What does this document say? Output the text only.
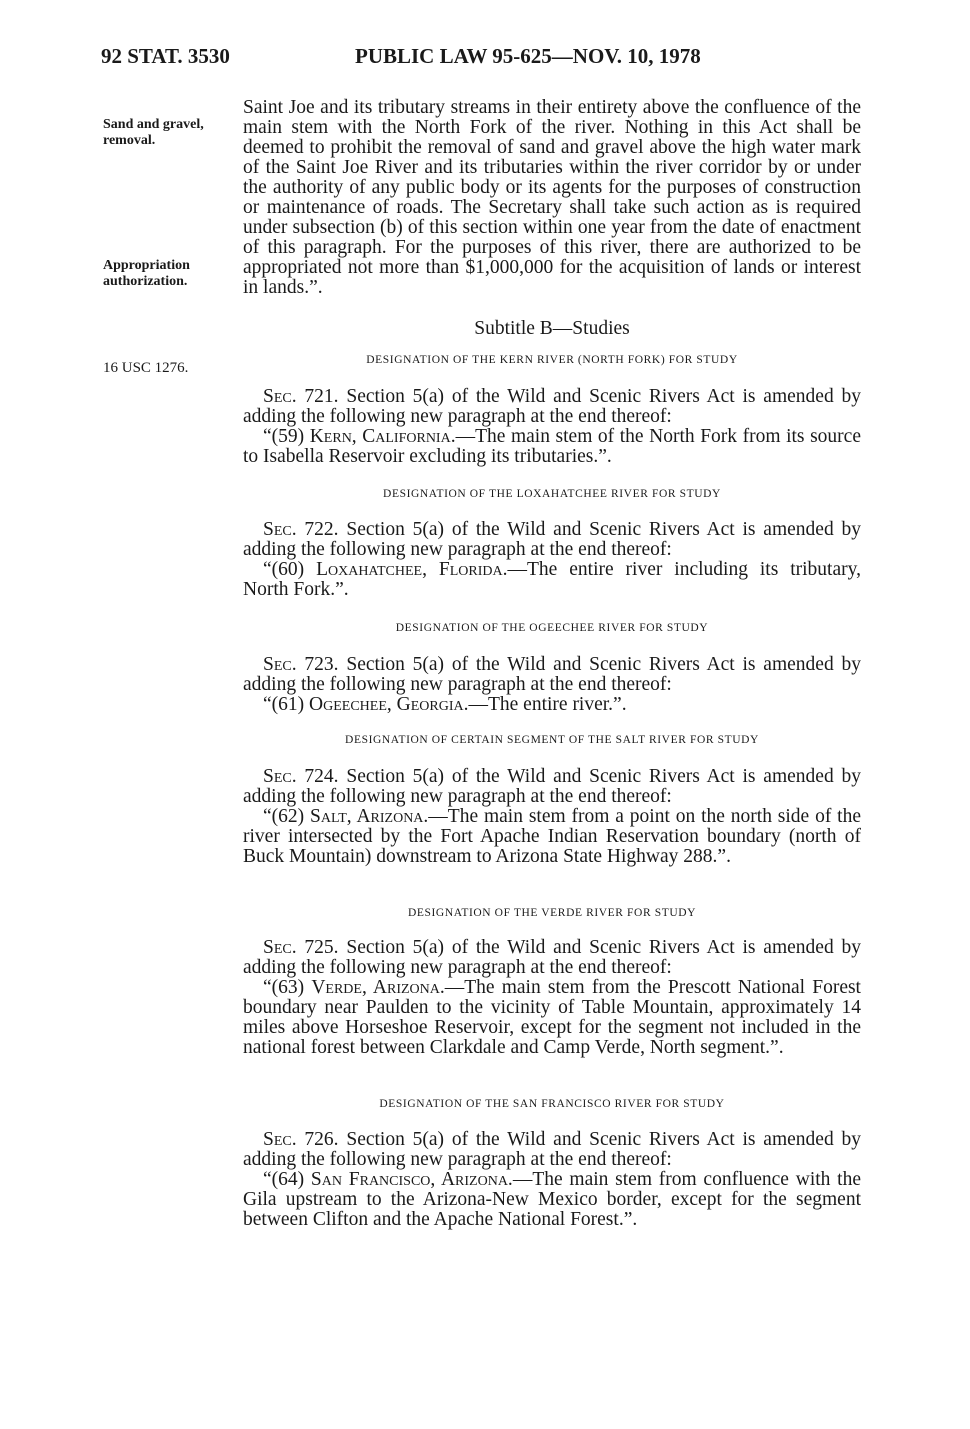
92 STAT. 3530	PUBLIC LAW 95-625—NOV. 10, 1978
Sand and gravel, removal.
Appropriation authorization.
16 USC 1276.

Saint Joe and its tributary streams in their entirety above the confluence of the main stem with the North Fork of the river. Nothing in this Act shall be deemed to prohibit the removal of sand and gravel above the high water mark of the Saint Joe River and its tributaries within the river corridor by or under the authority of any public body or its agents for the purposes of construction or maintenance of roads. The Secretary shall take such action as is required under subsection (b) of this section within one year from the date of enactment of this paragraph. For the purposes of this river, there are authorized to be appropriated not more than $1,000,000 for the acquisition of lands or interest in lands.”.

Subtitle B—Studies
DESIGNATION OF THE KERN RIVER (NORTH FORK) FOR STUDY

Sec. 721. Section 5(a) of the Wild and Scenic Rivers Act is amended by adding the following new paragraph at the end thereof:

“(59) Kern, California.—The main stem of the North Fork from its source to Isabella Reservoir excluding its tributaries.”.

DESIGNATION OF THE LOXAHATCHEE RIVER FOR STUDY

Sec. 722. Section 5(a) of the Wild and Scenic Rivers Act is amended by adding the following new paragraph at the end thereof:

“(60) Loxahatchee, Florida.—The entire river including its tributary, North Fork.”.

DESIGNATION OF THE OGEECHEE RIVER FOR STUDY

Sec. 723. Section 5(a) of the Wild and Scenic Rivers Act is amended by adding the following new paragraph at the end thereof:

“(61) Ogeechee, Georgia.—The entire river.”.

DESIGNATION OF CERTAIN SEGMENT OF THE SALT RIVER FOR STUDY

Sec. 724. Section 5(a) of the Wild and Scenic Rivers Act is amended by adding the following new paragraph at the end thereof:

“(62) Salt, Arizona.—The main stem from a point on the north side of the river intersected by the Fort Apache Indian Reservation boundary (north of Buck Mountain) downstream to Arizona State Highway 288.”.

DESIGNATION OF THE VERDE RIVER FOR STUDY

Sec. 725. Section 5(a) of the Wild and Scenic Rivers Act is amended by adding the following new paragraph at the end thereof:

“(63) Verde, Arizona.—The main stem from the Prescott National Forest boundary near Paulden to the vicinity of Table Mountain, approximately 14 miles above Horseshoe Reservoir, except for the segment not included in the national forest between Clarkdale and Camp Verde, North segment.”.

DESIGNATION OF THE SAN FRANCISCO RIVER FOR STUDY

Sec. 726. Section 5(a) of the Wild and Scenic Rivers Act is amended by adding the following new paragraph at the end thereof:

“(64) San Francisco, Arizona.—The main stem from confluence with the Gila upstream to the Arizona-New Mexico border, except for the segment between Clifton and the Apache National Forest.”.
